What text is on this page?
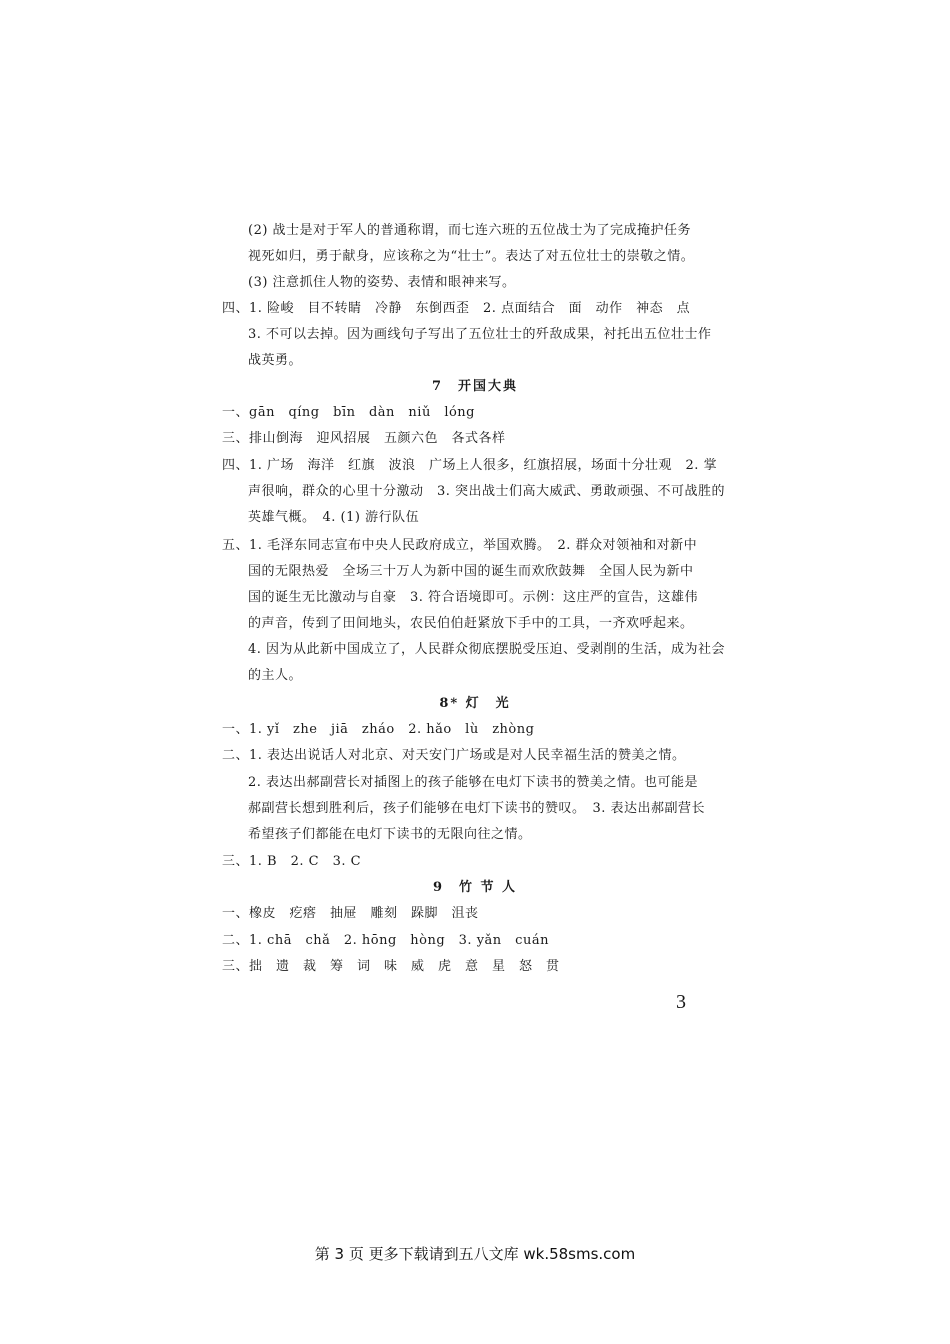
(2) 战士是对于军人的普通称谓，而七连六班的五位战士为了完成掩护任务
视死如归，勇于献身，应该称之为“壮士”。表达了对五位壮士的崇敬之情。
(3) 注意抓住人物的姿势、表情和眼神来写。
四、1. 险峻　目不转睛　冷静　东倒西歪　2. 点面结合　面　动作　神态　点
3. 不可以去掉。因为画线句子写出了五位壮士的歼敌成果，衬托出五位壮士作
战英勇。
7　开国大典
一、gān　qíng　bīn　dàn　niǔ　lóng
三、排山倒海　迎风招展　五颜六色　各式各样
四、1. 广场　海洋　红旗　波浪　广场上人很多，红旗招展，场面十分壮观　2. 掌
声很响，群众的心里十分激动　3. 突出战士们高大威武、勇敢顽强、不可战胜的
英雄气概。　4. (1) 游行队伍
五、1. 毛泽东同志宣布中央人民政府成立，举国欢腾。　2. 群众对领袖和对新中
国的无限热爱　全场三十万人为新中国的诞生而欢欣鼓舞　全国人民为新中
国的诞生无比激动与自豪　3. 符合语境即可。示例：这庄严的宣告，这雄伟
的声音，传到了田间地头，农民伯伯赶紧放下手中的工具，一齐欢呼起来。
4. 因为从此新中国成立了，人民群众彻底摆脱受压迫、受剥削的生活，成为社会
的主人。
8* 灯　光
一、1. yǐ　zhe　jiā　zháo　2. hǎo　lù　zhòng
二、1. 表达出说话人对北京、对天安门广场或是对人民幸福生活的赞美之情。
2. 表达出郝副营长对插图上的孩子能够在电灯下读书的赞美之情。也可能是
郝副营长想到胜利后，孩子们能够在电灯下读书的赞叹。　3. 表达出郝副营长
希望孩子们都能在电灯下读书的无限向往之情。
三、1. B　2. C　3. C
9　竹 节 人
一、橡皮　疙瘩　抽屉　雕刻　跺脚　沮丧
二、1. chā　chǎ　2. hōng　hòng　3. yǎn　cuán
三、拙　遗　裁　筹　词　味　威　虎　意　星　怒　贯
3
第 3 页 更多下载请到五八文库 wk.58sms.com
